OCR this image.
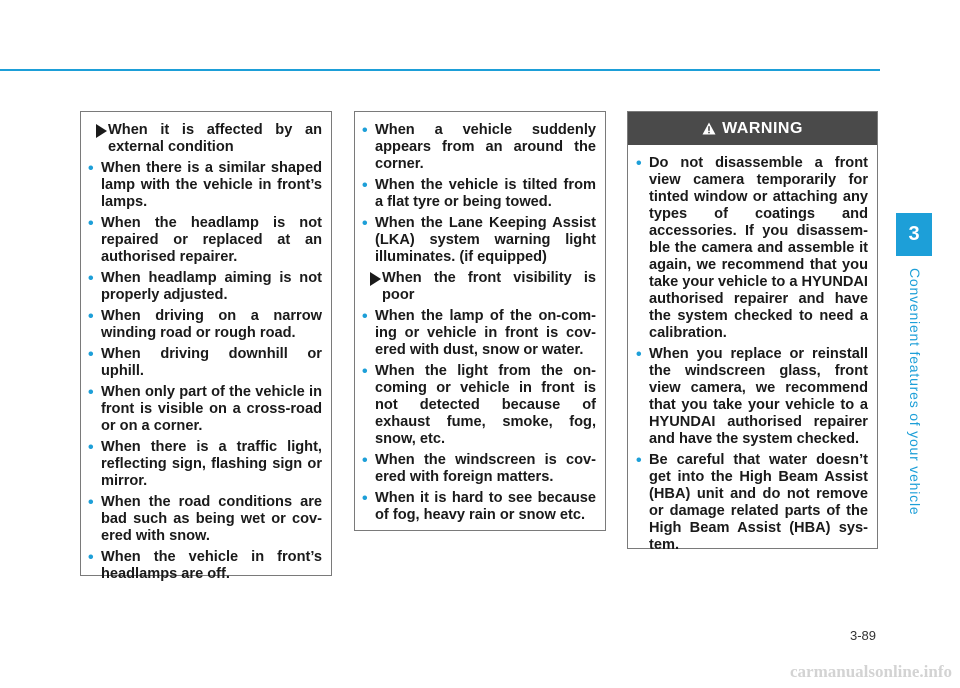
When it is affected by an external condition
• When there is a similar shaped lamp with the vehicle in front’s lamps.
• When the headlamp is not repaired or replaced at an authorised repairer.
• When headlamp aiming is not properly adjusted.
• When driving on a narrow winding road or rough road.
• When driving downhill or uphill.
• When only part of the vehicle in front is visible on a cross-road or on a corner.
• When there is a traffic light, reflecting sign, flashing sign or mirror.
• When the road conditions are bad such as being wet or cov-ered with snow.
• When the vehicle in front’s headlamps are off.
• When a vehicle suddenly appears from an around the corner.
• When the vehicle is tilted from a flat tyre or being towed.
• When the Lane Keeping Assist (LKA) system warning light illuminates. (if equipped)
When the front visibility is poor
• When the lamp of the on-com-ing or vehicle in front is cov-ered with dust, snow or water.
• When the light from the on-coming or vehicle in front is not detected because of exhaust fume, smoke, fog, snow, etc.
• When the windscreen is cov-ered with foreign matters.
• When it is hard to see because of fog, heavy rain or snow etc.
WARNING
• Do not disassemble a front view camera temporarily for tinted window or attaching any types of coatings and accessories. If you disassem-ble the camera and assemble it again, we recommend that you take your vehicle to a HYUNDAI authorised repairer and have the system checked to need a calibration.
• When you replace or reinstall the windscreen glass, front view camera, we recommend that you take your vehicle to a HYUNDAI authorised repairer and have the system checked.
• Be careful that water doesn’t get into the High Beam Assist (HBA) unit and do not remove or damage related parts of the High Beam Assist (HBA) sys-tem.
3
Convenient features of your vehicle
3-89
carmanualsonline.info
